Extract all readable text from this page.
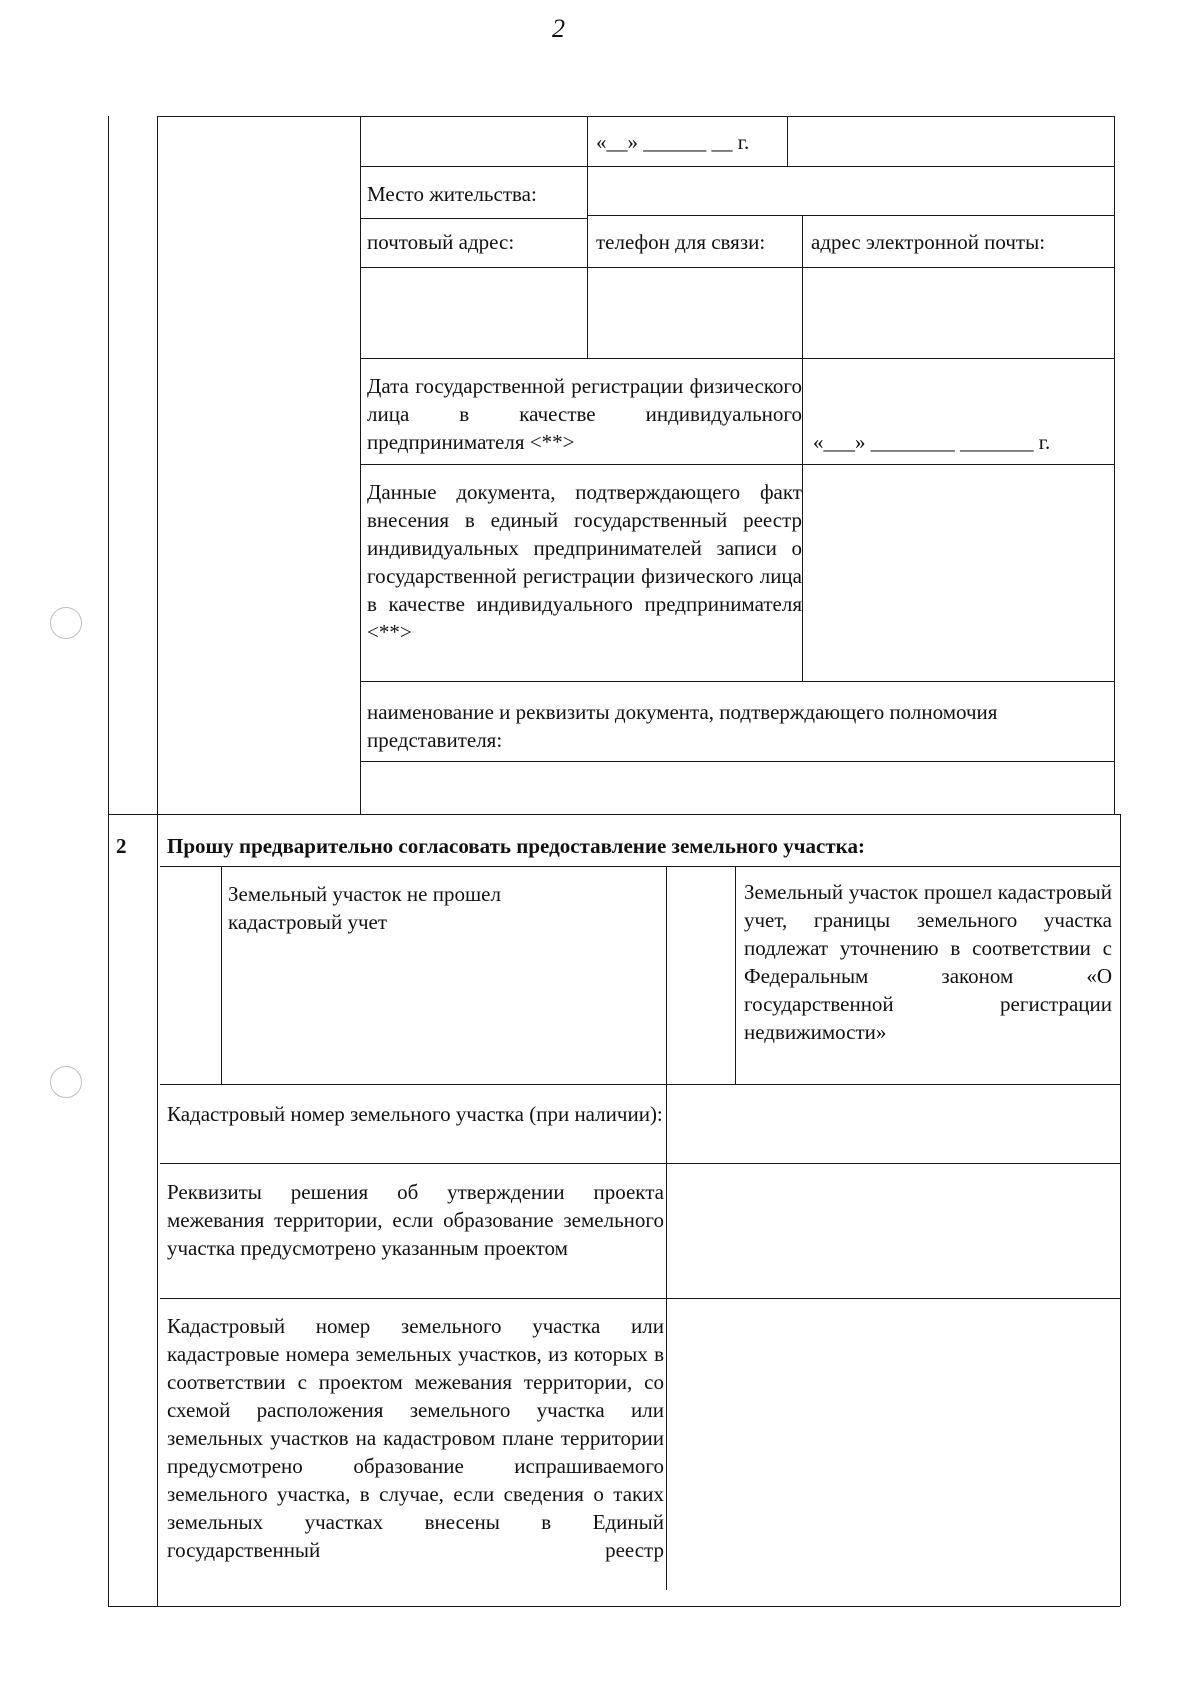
2
«__» ______ __ г.
Место жительства:
почтовый адрес:	телефон для связи: адрес электронной почты:
Дата государственной регистрации физического лица в качестве индивидуального предпринимателя <**>	«___» ________ _______ г.
Данные документа, подтверждающего факт внесения в единый государственный реестр индивидуальных предпринимателей записи о государственной регистрации физического лица в качестве индивидуального предпринимателя <**>
наименование и реквизиты документа, подтверждающего полномочия представителя:
2 Прошу предварительно согласовать предоставление земельного участка:
Земельный участок не прошел кадастровый учет
Земельный участок прошел кадастровый учет, границы земельного участка подлежат уточнению в соответствии с Федеральным законом «О государственной регистрации недвижимости»
Кадастровый номер земельного участка (при наличии):
Реквизиты решения об утверждении проекта межевания территории, если образование земельного участка предусмотрено указанным проектом
Кадастровый номер земельного участка или кадастровые номера земельных участков, из которых в соответствии с проектом межевания территории, со схемой расположения земельного участка или земельных участков на кадастровом плане территории предусмотрено образование испрашиваемого земельного участка, в случае, если сведения о таких земельных участках внесены в Единый государственный реестр
